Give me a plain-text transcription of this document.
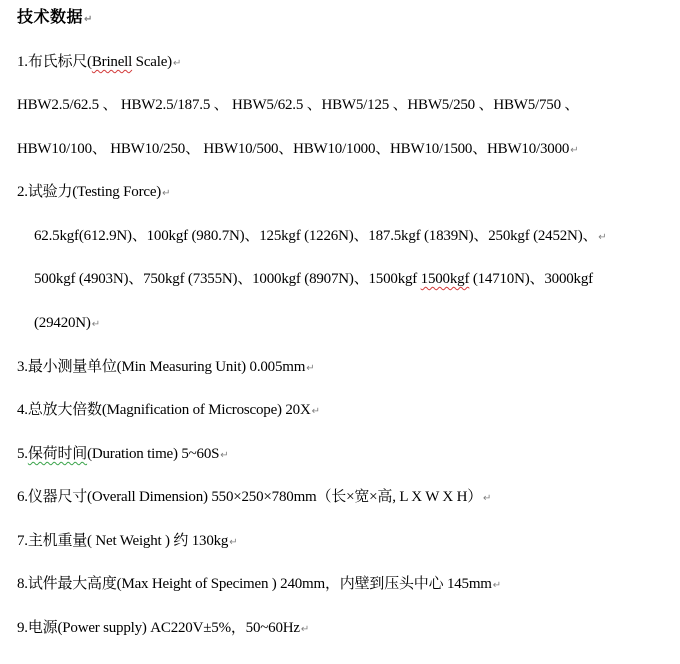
技术数据↵
1.布氏标尺(Brinell Scale)↵
HBW2.5/62.5 、 HBW2.5/187.5 、 HBW5/62.5 、HBW5/125 、HBW5/250 、HBW5/750 、
HBW10/100、 HBW10/250、 HBW10/500、HBW10/1000、HBW10/1500、HBW10/3000↵
2.试验力(Testing Force)↵
62.5kgf(612.9N)、100kgf (980.7N)、125kgf (1226N)、187.5kgf (1839N)、250kgf (2452N)、↵
500kgf (4903N)、750kgf (7355N)、1000kgf (8907N)、1500kgf 1500kgf (14710N)、3000kgf
(29420N)↵
3.最小测量单位(Min Measuring Unit) 0.005mm↵
4.总放大倍数(Magnification of Microscope) 20X↵
5.保荷时间(Duration time) 5~60S↵
6.仪器尺寸(Overall Dimension) 550×250×780mm（长×宽×高, L X W X H）↵
7.主机重量( Net Weight ) 约 130kg↵
8.试件最大高度(Max Height of Specimen ) 240mm，内壁到压头中心 145mm↵
9.电源(Power supply) AC220V±5%，50~60Hz↵
